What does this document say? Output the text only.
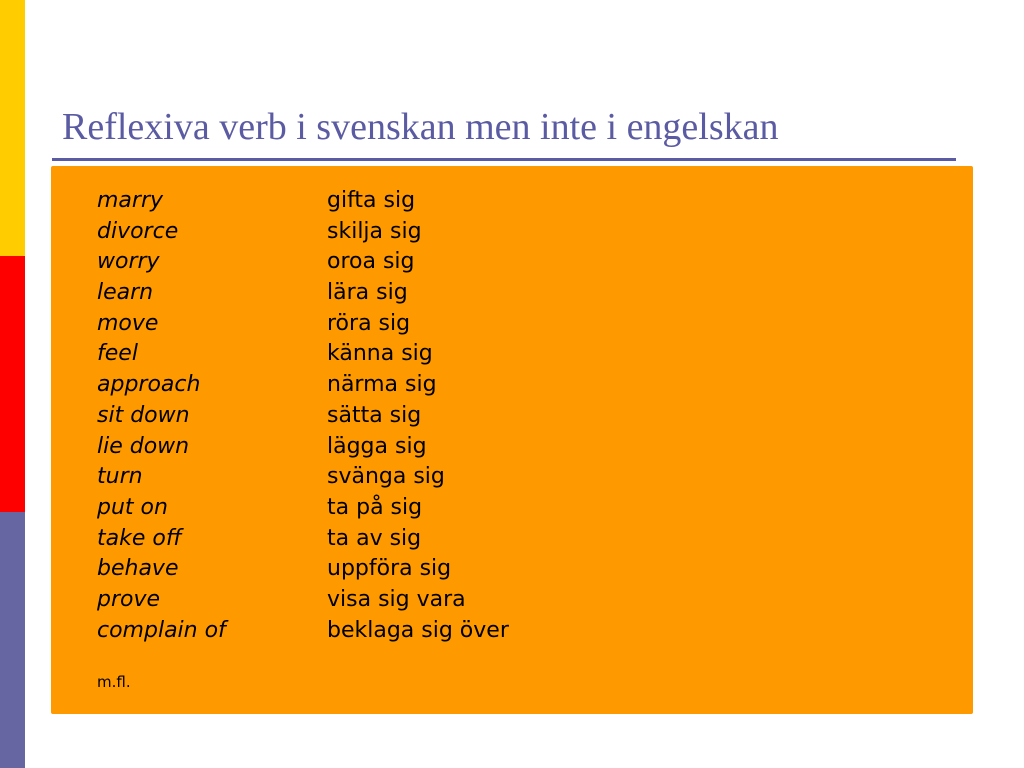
Reflexiva verb i svenskan men inte i engelskan
marry	gifta sig
divorce	skilja sig
worry	oroa sig
learn	lära sig
move	röra sig
feel	känna sig
approach	närma sig
sit down	sätta sig
lie down	lägga sig
turn	svänga sig
put on	ta på sig
take off	ta av sig
behave	uppföra sig
prove	visa sig vara
complain of	beklaga sig över
m.fl.
